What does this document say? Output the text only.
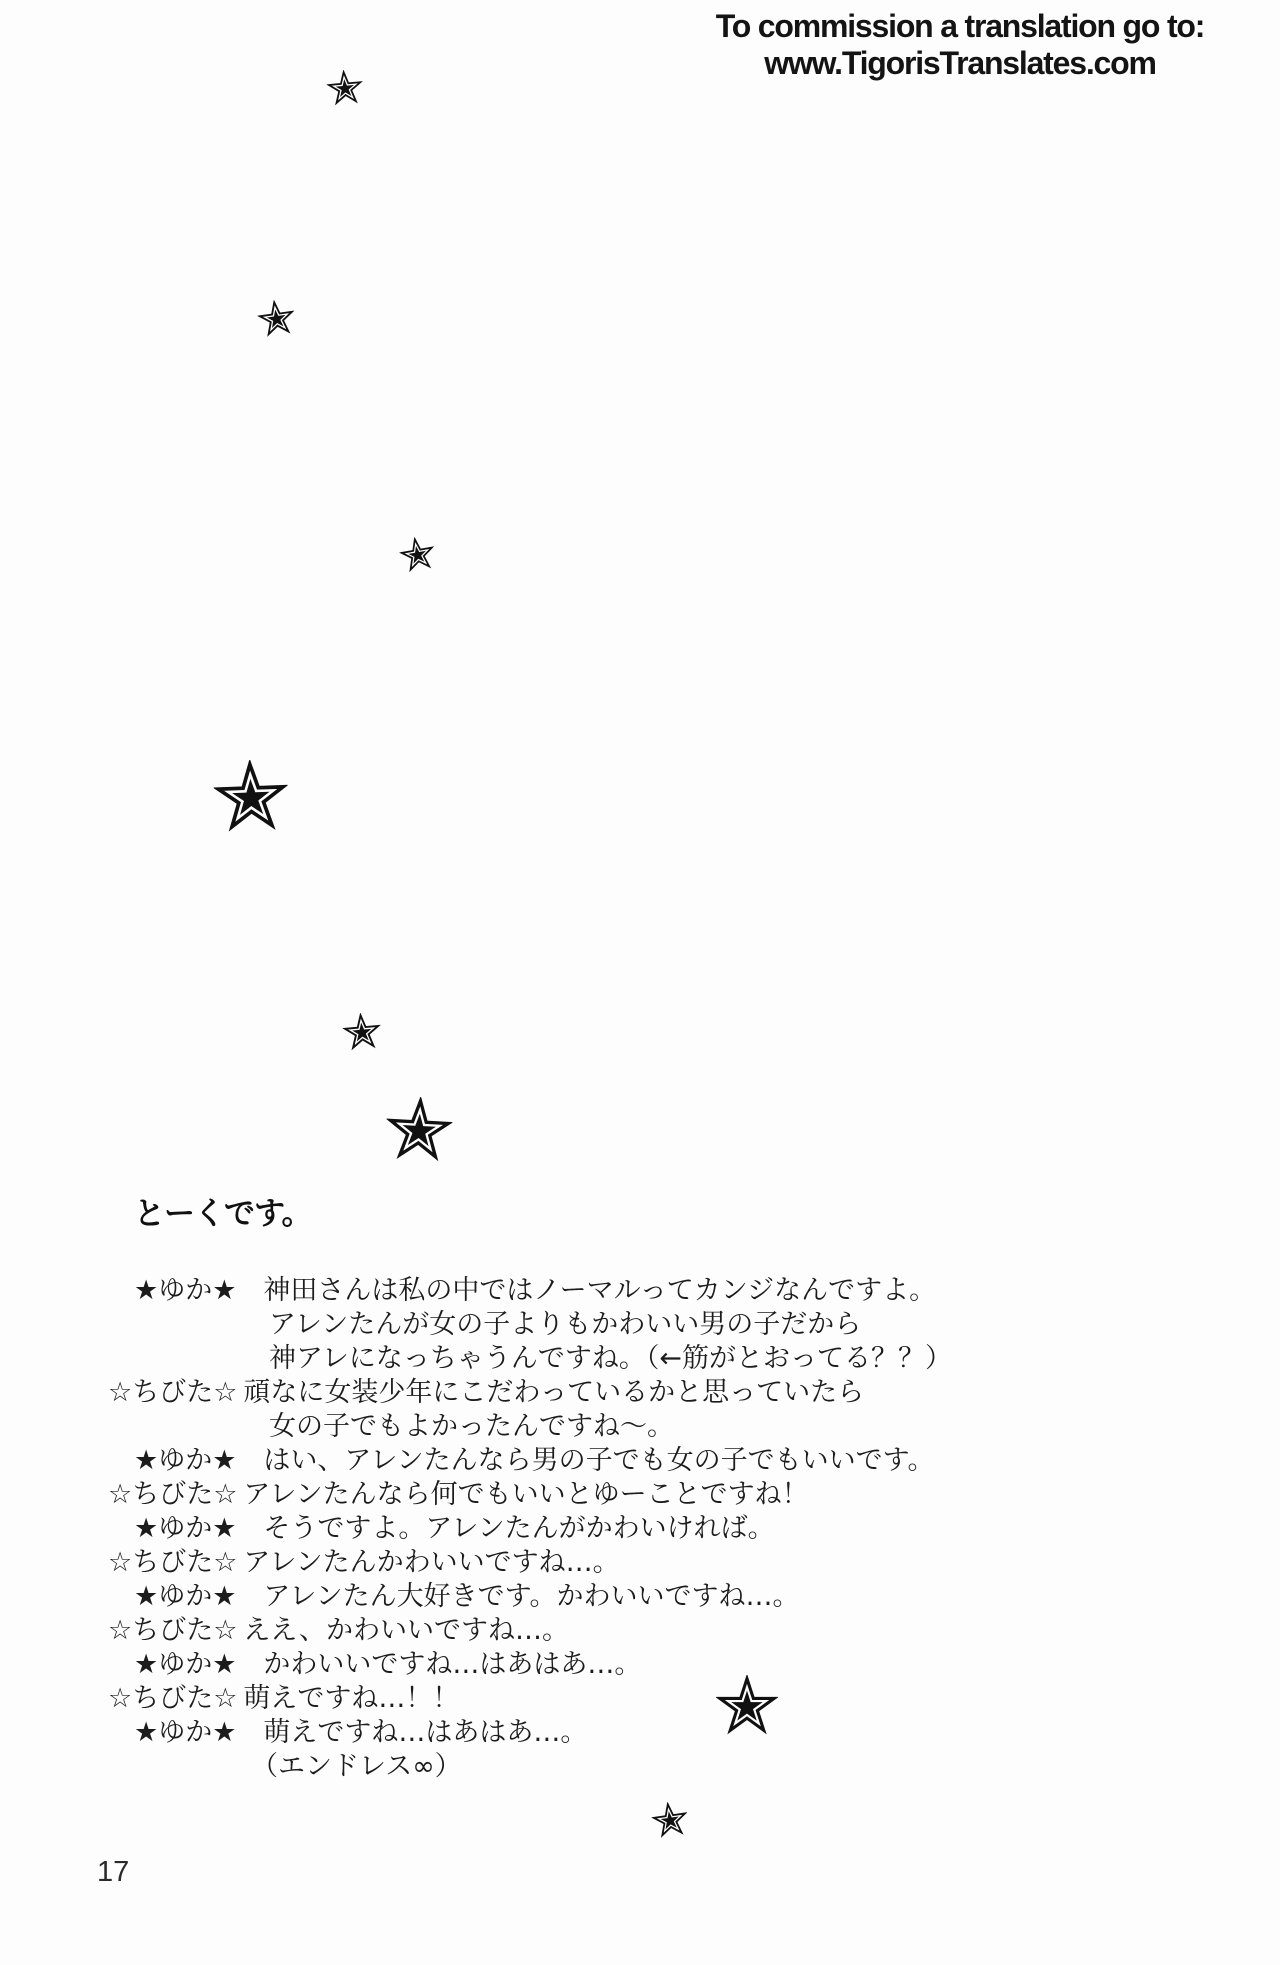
To commission a translation go to:
www.TigorisTranslates.com
とーくです。
★ゆか★ 神田さんは私の中ではノーマルってカンジなんですよ。
アレンたんが女の子よりもかわいい男の子だから
神アレになっちゃうんですね。（←筋がとおってる？？）
☆ちびた☆ 頑なに女装少年にこだわっているかと思っていたら
女の子でもよかったんですね～。
★ゆか★ はい、アレンたんなら男の子でも女の子でもいいです。
☆ちびた☆ アレンたんなら何でもいいとゆーことですね！
★ゆか★ そうですよ。アレンたんがかわいければ。
☆ちびた☆ アレンたんかわいいですね…。
★ゆか★ アレンたん大好きです。かわいいですね…。
☆ちびた☆ ええ、かわいいですね…。
★ゆか★ かわいいですね…はあはあ…。
☆ちびた☆ 萌えですね…！！
★ゆか★ 萌えですね…はあはあ…。
（エンドレス∞）
17
